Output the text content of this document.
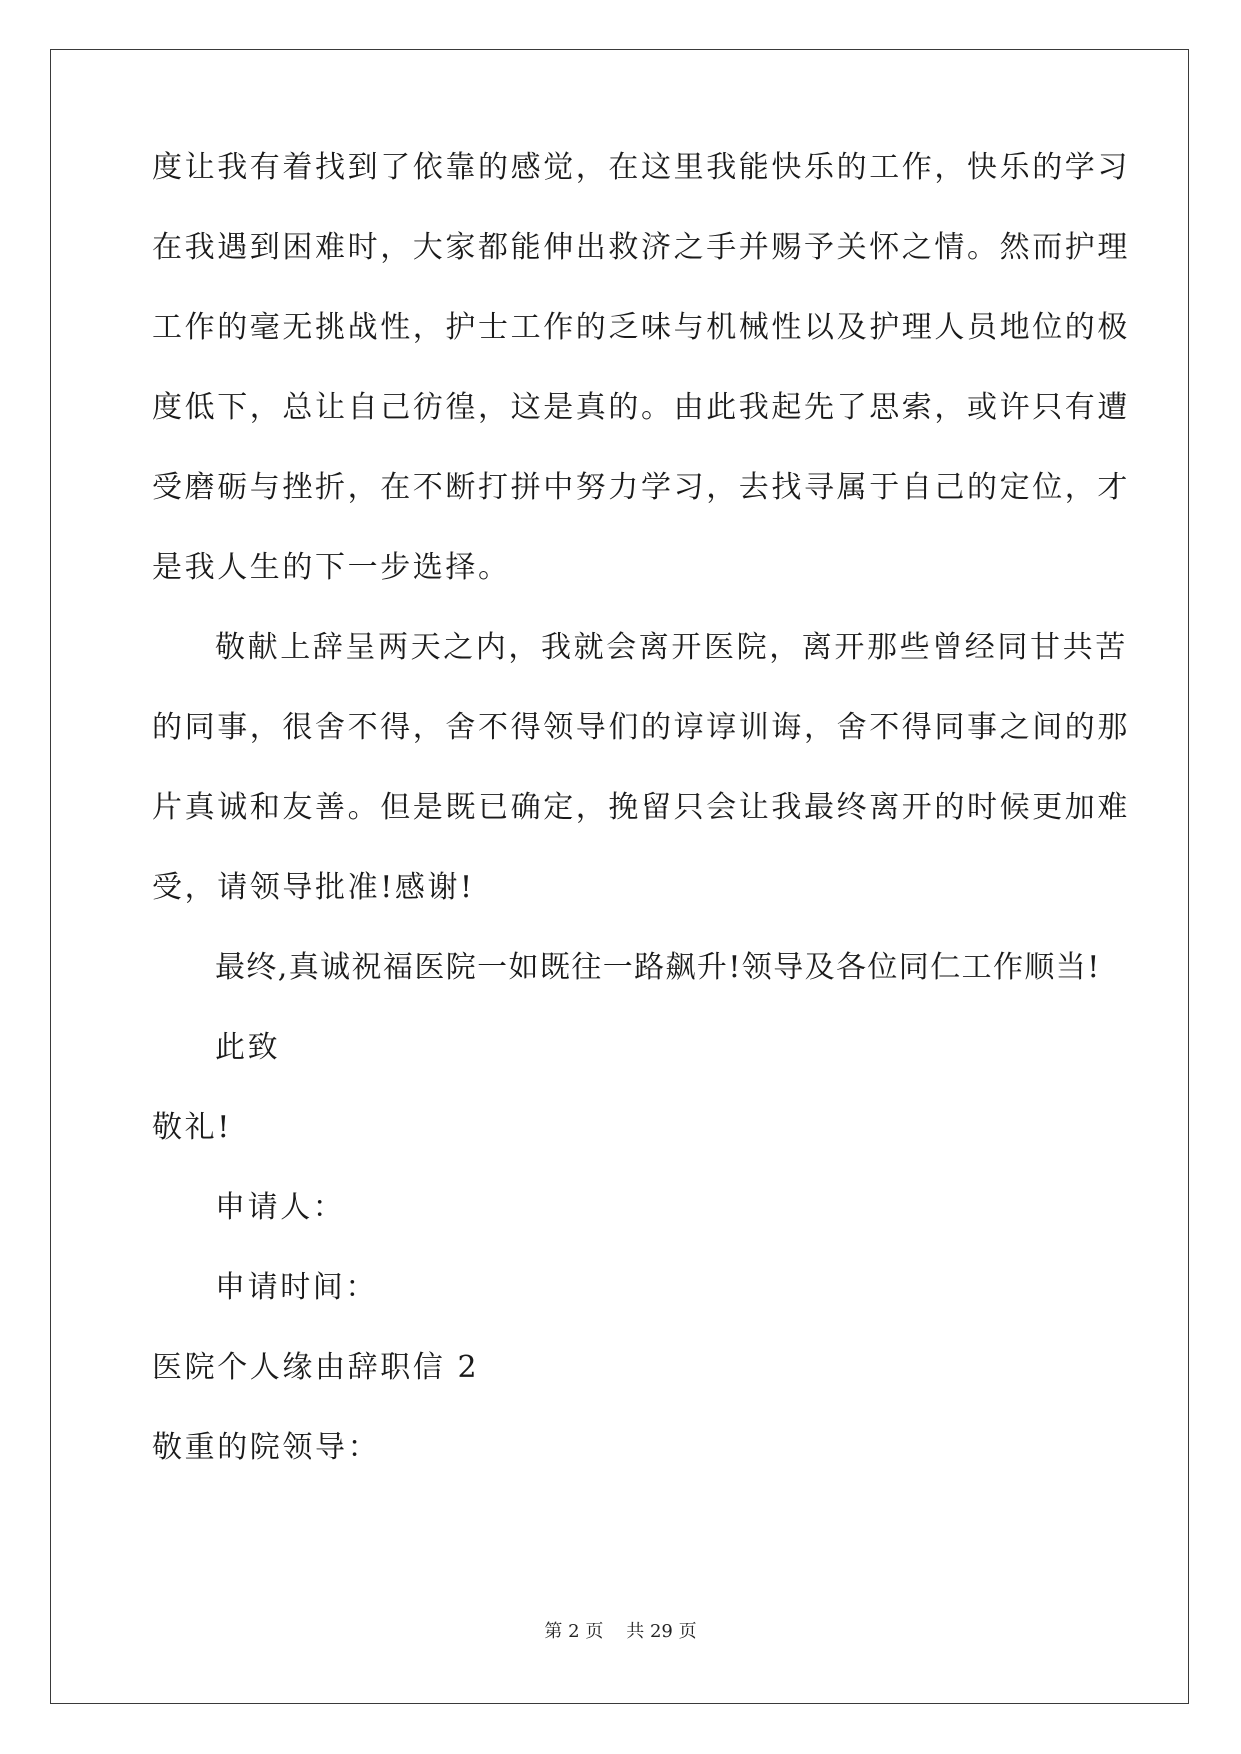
度让我有着找到了依靠的感觉，在这里我能快乐的工作，快乐的学习
在我遇到困难时，大家都能伸出救济之手并赐予关怀之情。然而护理
工作的毫无挑战性，护士工作的乏味与机械性以及护理人员地位的极
度低下，总让自己彷徨，这是真的。由此我起先了思索，或许只有遭
受磨砺与挫折，在不断打拼中努力学习，去找寻属于自己的定位，才
是我人生的下一步选择。
敬献上辞呈两天之内，我就会离开医院，离开那些曾经同甘共苦
的同事，很舍不得，舍不得领导们的谆谆训诲，舍不得同事之间的那
片真诚和友善。但是既已确定，挽留只会让我最终离开的时候更加难
受，请领导批准!感谢!
最终,真诚祝福医院一如既往一路飙升!领导及各位同仁工作顺当!
此致
敬礼!
申请人：
申请时间：
医院个人缘由辞职信 2
敬重的院领导：
第 2 页 共 29 页
